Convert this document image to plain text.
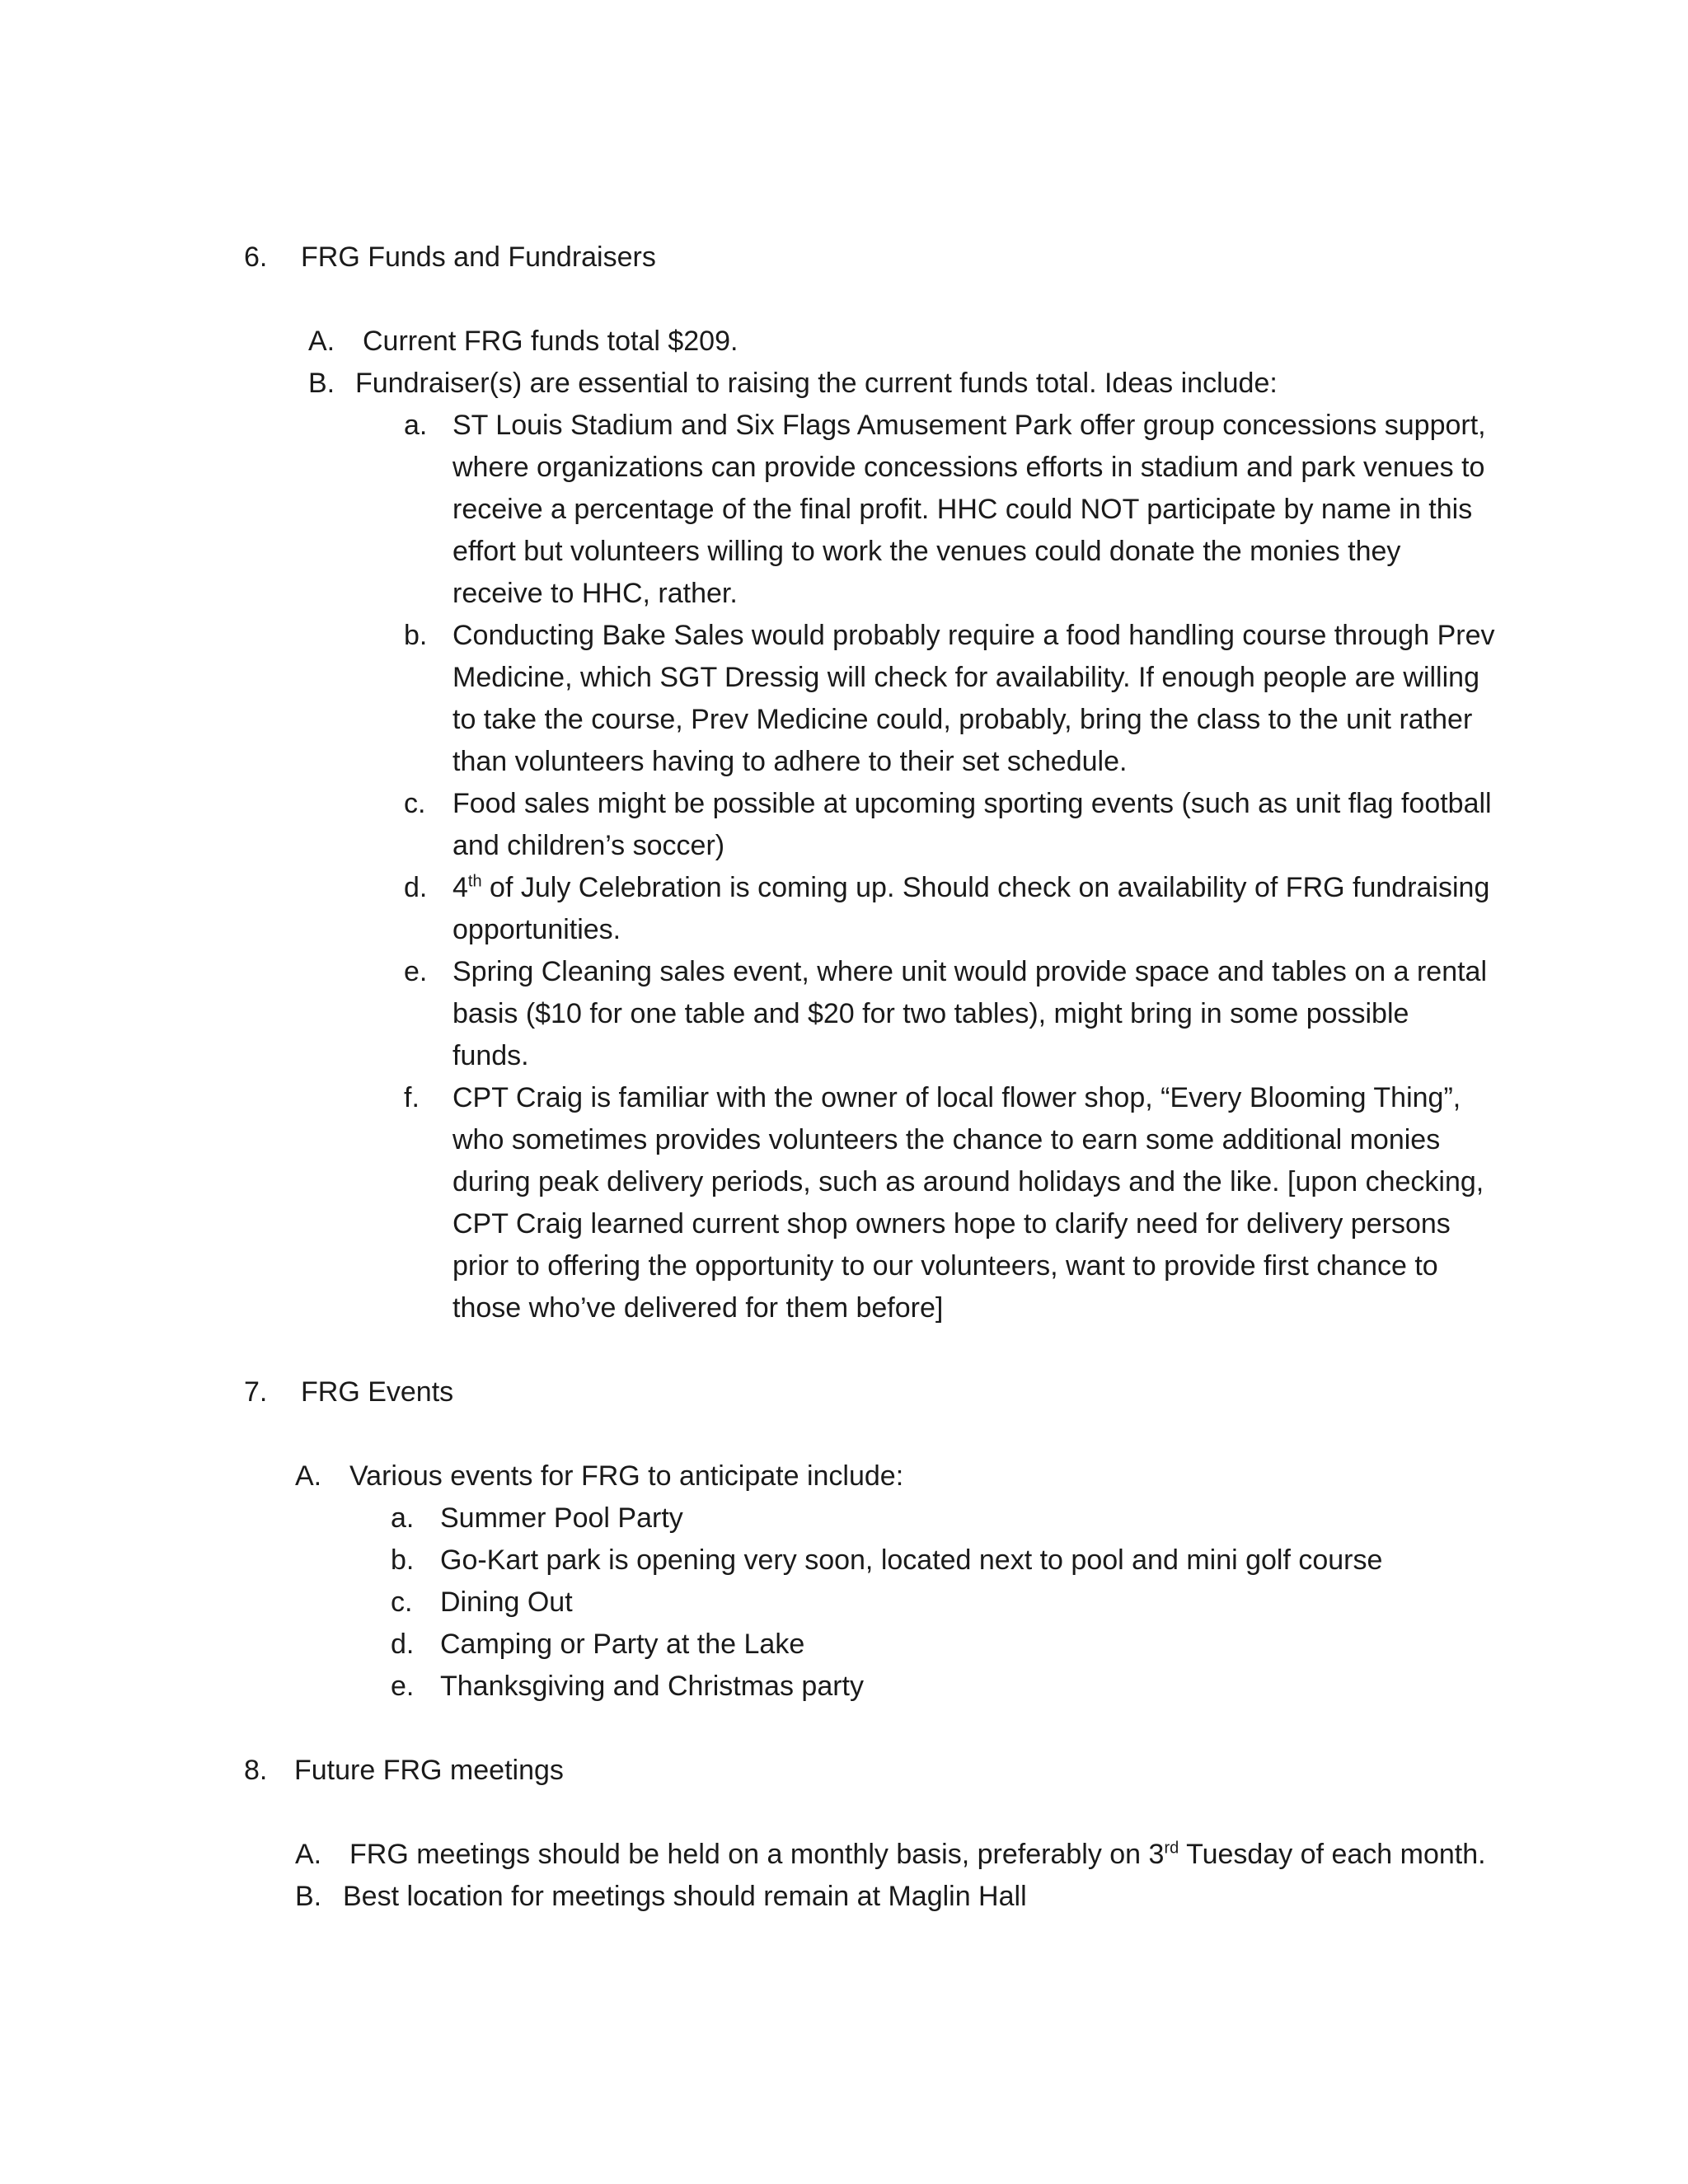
6. FRG Funds and Fundraisers
A. Current FRG funds total $209.
B. Fundraiser(s) are essential to raising the current funds total. Ideas include:
a. ST Louis Stadium and Six Flags Amusement Park offer group concessions support,
where organizations can provide concessions efforts in stadium and park venues to
receive a percentage of the final profit. HHC could NOT participate by name in this
effort but volunteers willing to work the venues could donate the monies they
receive to HHC, rather.
b. Conducting Bake Sales would probably require a food handling course through Prev
Medicine, which SGT Dressig will check for availability. If enough people are willing
to take the course, Prev Medicine could, probably, bring the class to the unit rather
than volunteers having to adhere to their set schedule.
c. Food sales might be possible at upcoming sporting events (such as unit flag football
and children’s soccer)
d. 4th of July Celebration is coming up. Should check on availability of FRG fundraising
opportunities.
e. Spring Cleaning sales event, where unit would provide space and tables on a rental
basis ($10 for one table and $20 for two tables), might bring in some possible
funds.
f. CPT Craig is familiar with the owner of local flower shop, “Every Blooming Thing”,
who sometimes provides volunteers the chance to earn some additional monies
during peak delivery periods, such as around holidays and the like. [upon checking,
CPT Craig learned current shop owners hope to clarify need for delivery persons
prior to offering the opportunity to our volunteers, want to provide first chance to
those who’ve delivered for them before]
7. FRG Events
A. Various events for FRG to anticipate include:
a. Summer Pool Party
b. Go-Kart park is opening very soon, located next to pool and mini golf course
c. Dining Out
d. Camping or Party at the Lake
e. Thanksgiving and Christmas party
8. Future FRG meetings
A. FRG meetings should be held on a monthly basis, preferably on 3rd Tuesday of each month.
B. Best location for meetings should remain at Maglin Hall
